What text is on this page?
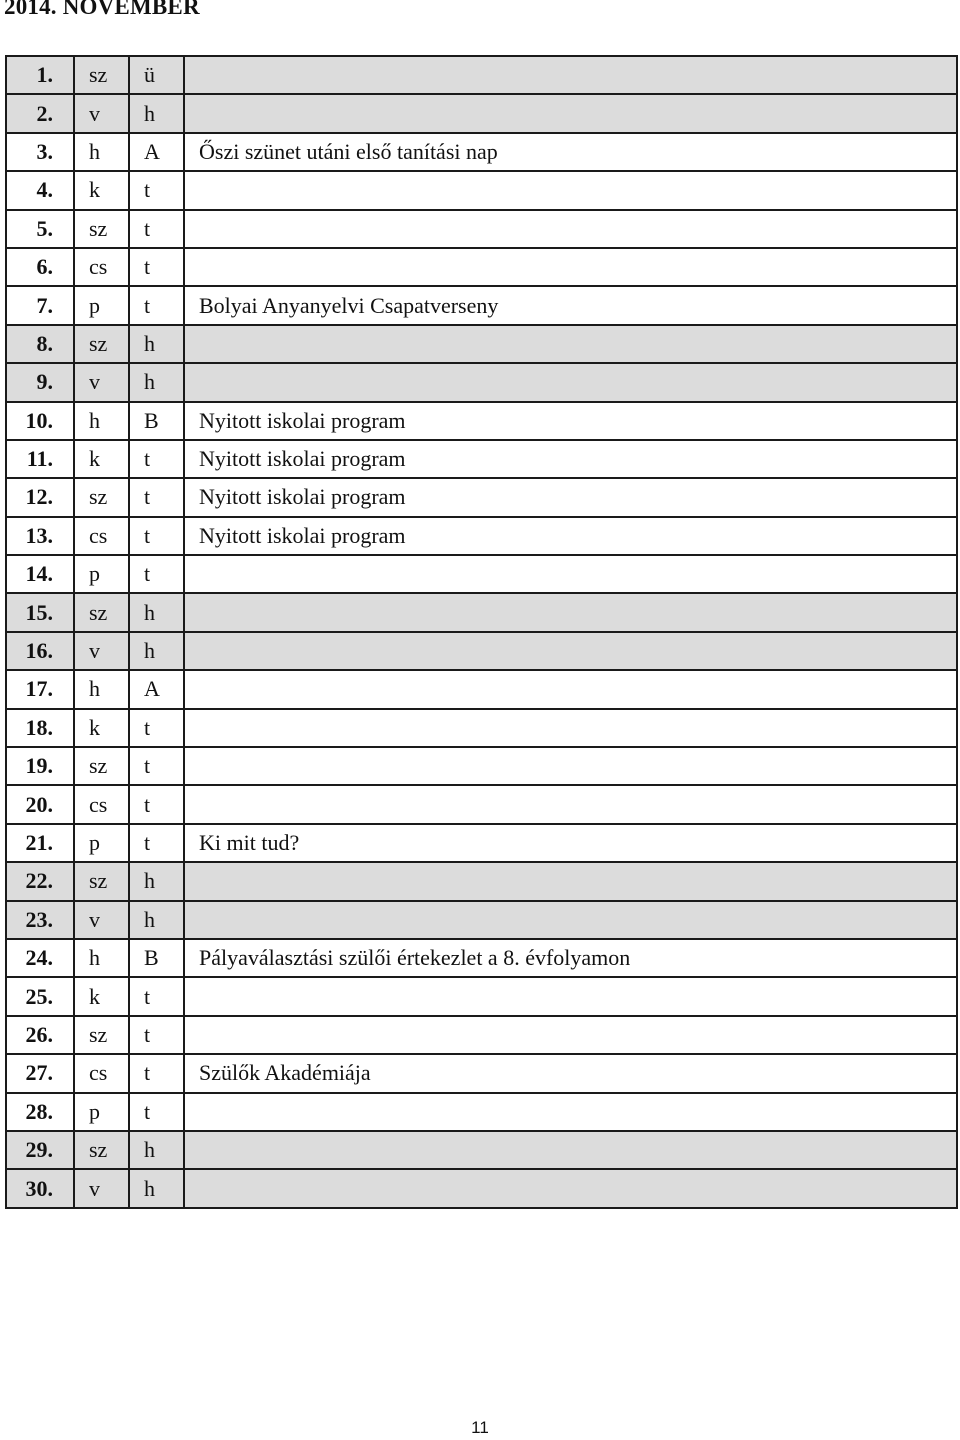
2014. NOVEMBER
1.	sz	ü	
2.	v	h	
3.	h	A	Őszi szünet utáni első tanítási nap
4.	k	t	
5.	sz	t	
6.	cs	t	
7.	p	t	Bolyai Anyanyelvi Csapatverseny
8.	sz	h	
9.	v	h	
10.	h	B	Nyitott iskolai program
11.	k	t	Nyitott iskolai program
12.	sz	t	Nyitott iskolai program
13.	cs	t	Nyitott iskolai program
14.	p	t	
15.	sz	h	
16.	v	h	
17.	h	A	
18.	k	t	
19.	sz	t	
20.	cs	t	
21.	p	t	Ki mit tud?
22.	sz	h	
23.	v	h	
24.	h	B	Pályaválasztási szülői értekezlet a 8. évfolyamon
25.	k	t	
26.	sz	t	
27.	cs	t	Szülők Akadémiája
28.	p	t	
29.	sz	h	
30.	v	h	
11
